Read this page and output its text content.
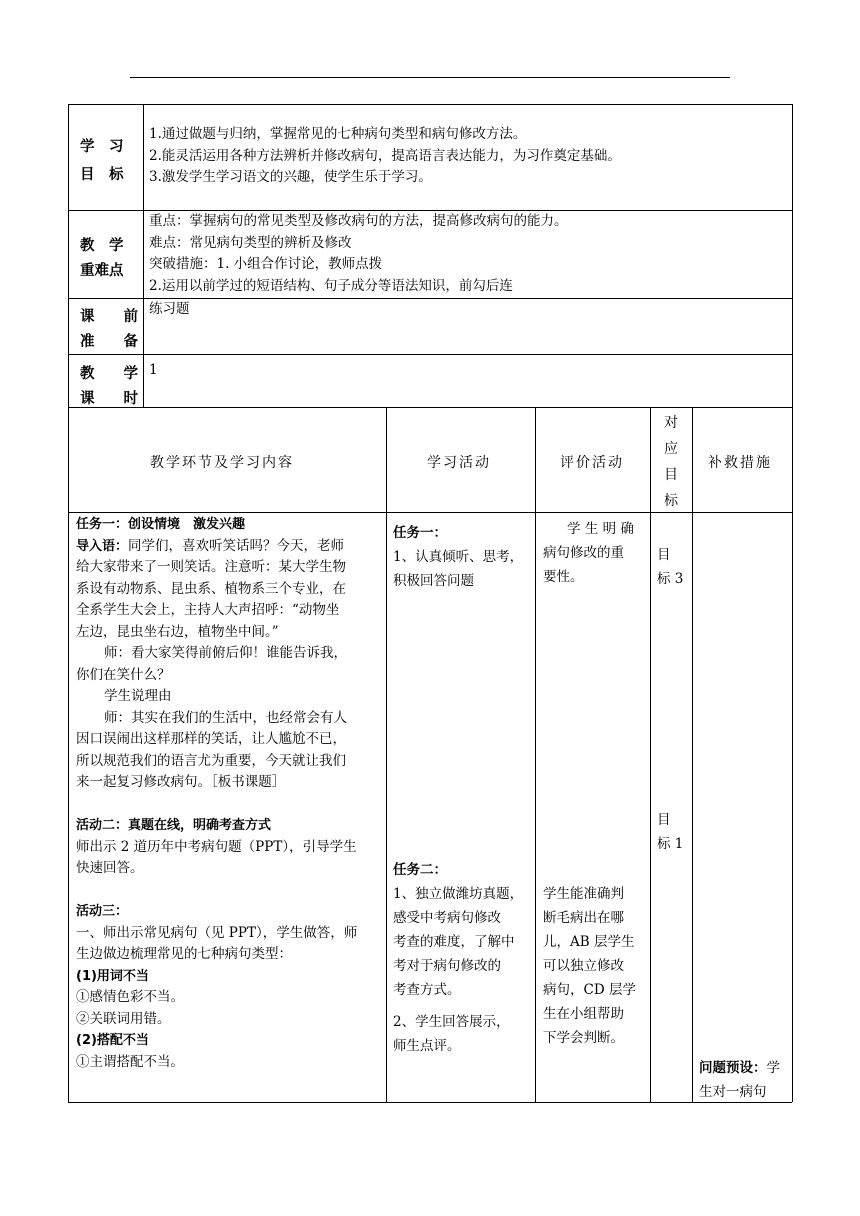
学　习
目　标
1.通过做题与归纳，掌握常见的七种病句类型和病句修改方法。
2.能灵活运用各种方法辨析并修改病句，提高语言表达能力，为习作奠定基础。
3.激发学生学习语文的兴趣，使学生乐于学习。
教　学
重难点
重点：掌握病句的常见类型及修改病句的方法，提高修改病句的能力。
难点：常见病句类型的辨析及修改
突破措施：1. 小组合作讨论，教师点拨
2.运用以前学过的短语结构、句子成分等语法知识，前勾后连
课　　前
准　　备
练习题
教　　学
课　　时
1
教学环节及学习内容	学习活动	评价活动
对
应
目
标
补救措施
任务一：创设情境　激发兴趣
导入语：同学们，喜欢听笑话吗？今天，老师
给大家带来了一则笑话。注意听：某大学生物
系设有动物系、昆虫系、植物系三个专业，在
全系学生大会上，主持人大声招呼：“动物坐
左边，昆虫坐右边，植物坐中间。”
师：看大家笑得前俯后仰！谁能告诉我，
你们在笑什么？
学生说理由
师：其实在我们的生活中，也经常会有人
因口误闹出这样那样的笑话，让人尴尬不已，
所以规范我们的语言尤为重要，今天就让我们
来一起复习修改病句。［板书课题］
活动二：真题在线，明确考查方式
师出示 2 道历年中考病句题（PPT），引导学生
快速回答。
活动三：
一、师出示常见病句（见 PPT），学生做答，师
生边做边梳理常见的七种病句类型：
(1)用词不当
①感情色彩不当。
②关联词用错。
(2)搭配不当
①主谓搭配不当。
任务一：
1、认真倾听、思考，
积极回答问题
任务二：
1、独立做潍坊真题，
感受中考病句修改
考查的难度，了解中
考对于病句修改的
考查方式。
2、学生回答展示，
师生点评。
学 生 明 确
病句修改的重
要性。
学生能准确判
断毛病出在哪
儿，AB 层学生
可以独立修改
病句，CD 层学
生在小组帮助
下学会判断。
目
标 3
目
标 1
问题预设：学
生对一病句
